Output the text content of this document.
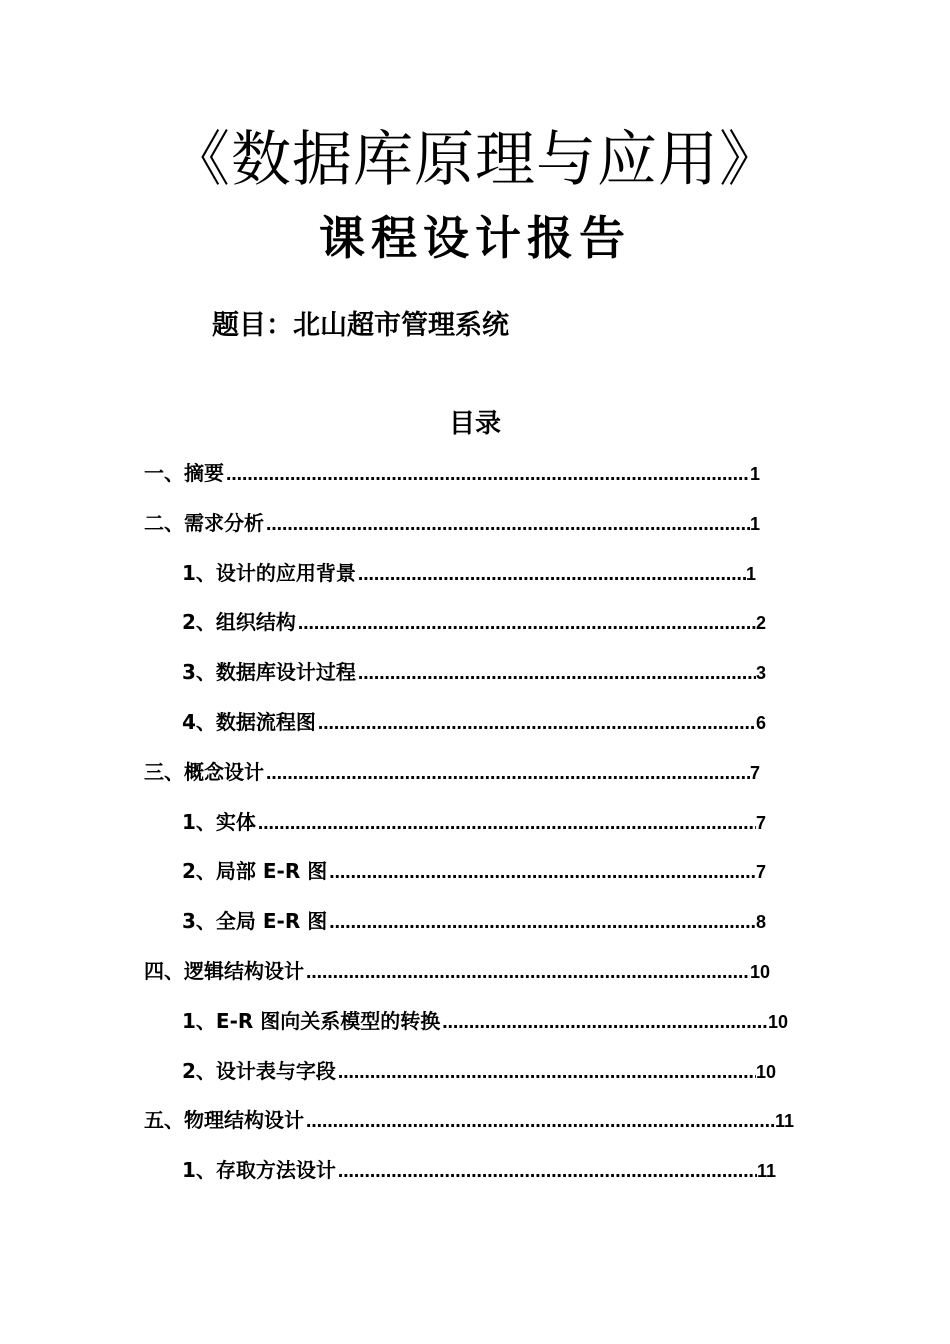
《数据库原理与应用》
课程设计报告
题目：北山超市管理系统
目录
一、 摘要 ……………………………………………………………………………………………………………………………………………………………………………	1
二、 需求分析 ……………………………………………………………………………………………………………………………………………………………………………	1
1、 设计的应用背景 ……………………………………………………………………………………………………………………………………………………………………………	1
2、 组织结构 ……………………………………………………………………………………………………………………………………………………………………………	2
3、 数据库设计过程 ……………………………………………………………………………………………………………………………………………………………………………	3
4、 数据流程图 ……………………………………………………………………………………………………………………………………………………………………………	6
三、 概念设计 ……………………………………………………………………………………………………………………………………………………………………………	7
1、 实体 ……………………………………………………………………………………………………………………………………………………………………………	7
2、 局部 E-R 图 ……………………………………………………………………………………………………………………………………………………………………………	7
3、 全局 E-R 图 ……………………………………………………………………………………………………………………………………………………………………………	8
四、 逻辑结构设计 ……………………………………………………………………………………………………………………………………………………………………………	10
1、 E-R 图向关系模型的转换 ……………………………………………………………………………………………………………………………………………………………………………	10
2、 设计表与字段 ……………………………………………………………………………………………………………………………………………………………………………	10
五、 物理结构设计 ……………………………………………………………………………………………………………………………………………………………………………	11
1、 存取方法设计 ……………………………………………………………………………………………………………………………………………………………………………	11
